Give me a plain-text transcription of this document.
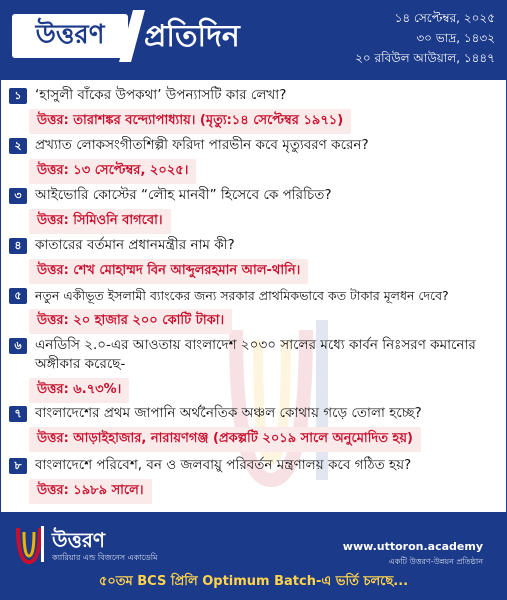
উত্তরণ	প্রতিদিন
১৪ সেপ্টেম্বর, ২০২৫
৩০ ভাদ্র, ১৪৩২
২০ রবিউল আউয়াল, ১৪৪৭
১ ‘হাসুলী বাঁকের উপকথা’ উপন্যাসটি কার লেখা?
উত্তর: তারাশঙ্কর বন্দ্যোপাধ্যায়। (মৃত্যু:১৪ সেপ্টেম্বর ১৯৭১)
২ প্রখ্যাত লোকসংগীতশিল্পী ফরিদা পারভীন কবে মৃত্যুবরণ করেন?
উত্তর: ১৩ সেপ্টেম্বর, ২০২৫।
৩ আইভোরি কোস্টের “লৌহ মানবী” হিসেবে কে পরিচিত?
উত্তর: সিমিওনি বাগবো।
৪ কাতারের বর্তমান প্রধানমন্ত্রীর নাম কী?
উত্তর: শেখ মোহাম্মদ বিন আব্দুলরহমান আল-থানি।
৫	নতুন একীভূত ইসলামী ব্যাংকের জন্য সরকার প্রাথমিকভাবে কত টাকার মূলধন দেবে?
উত্তর: ২০ হাজার ২০০ কোটি টাকা।
৬ এনডিসি ২.০-এর আওতায় বাংলাদেশ ২০৩০ সালের মধ্যে কার্বন নিঃসরণ কমানোর অঙ্গীকার করেছে-
উত্তর: ৬.৭৩%।
৭ বাংলাদেশের প্রথম জাপানি অর্থনৈতিক অঞ্চল কোথায় গড়ে তোলা হচ্ছে?
উত্তর: আড়াইহাজার, নারায়ণগঞ্জ (প্রকল্পটি ২০১৯ সালে অনুমোদিত হয়)
৮ বাংলাদেশে পরিবেশ, বন ও জলবায়ু পরিবর্তন মন্ত্রণালয় কবে গঠিত হয়?
উত্তর: ১৯৮৯ সালে।
উত্তরণ
ক্যারিয়ার এন্ড বিজনেস একাডেমি
www.uttoron.academy
একটি উত্তরণ-উন্নয়ন প্রতিষ্ঠান
৫০তম BCS প্রিলি Optimum Batch-এ ভর্তি চলছে...
